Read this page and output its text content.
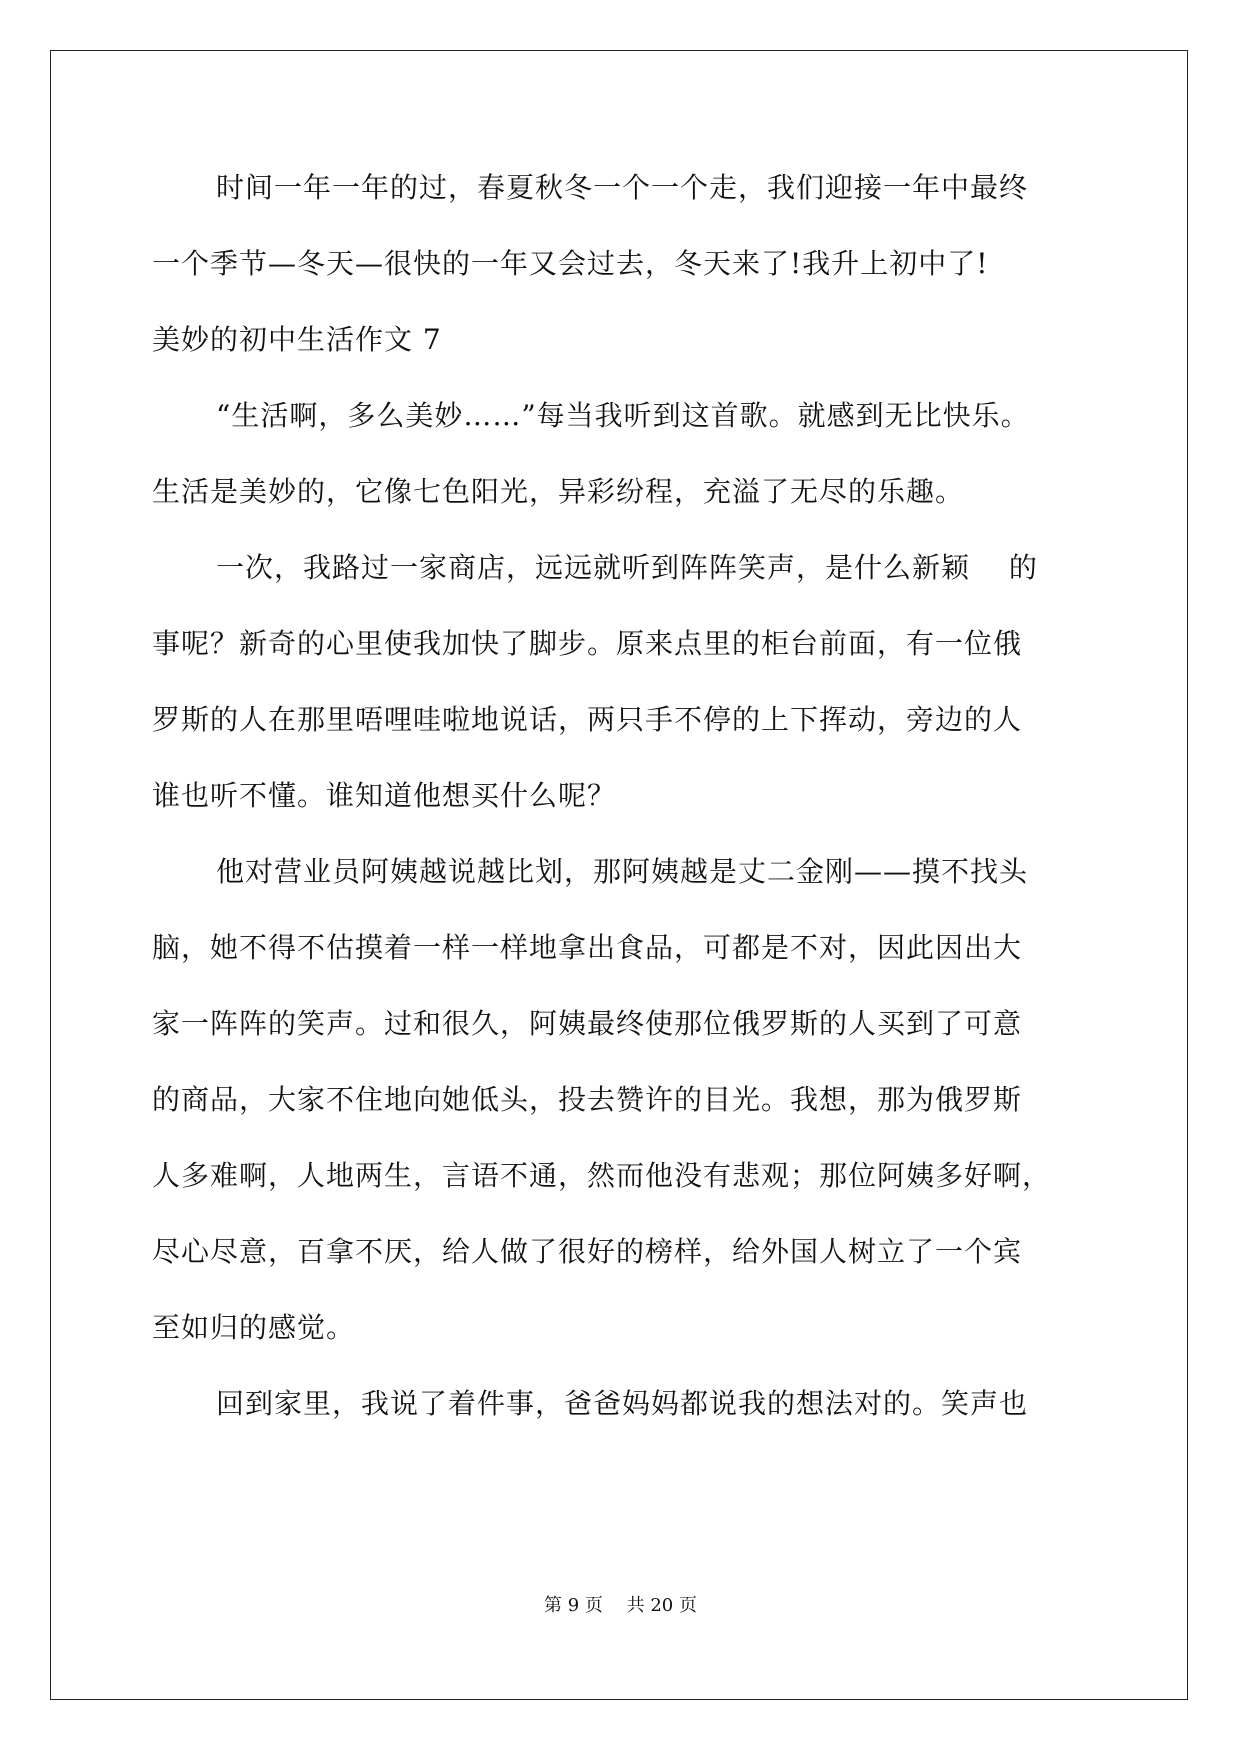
时间一年一年的过，春夏秋冬一个一个走，我们迎接一年中最终
一个季节—冬天—很快的一年又会过去，冬天来了!我升上初中了!
美妙的初中生活作文 7
“生活啊，多么美妙……”每当我听到这首歌。就感到无比快乐。
生活是美妙的，它像七色阳光，异彩纷程，充溢了无尽的乐趣。
一次，我路过一家商店，远远就听到阵阵笑声，是什么新颖　 的
事呢？新奇的心里使我加快了脚步。原来点里的柜台前面，有一位俄
罗斯的人在那里唔哩哇啦地说话，两只手不停的上下挥动，旁边的人
谁也听不懂。谁知道他想买什么呢？
他对营业员阿姨越说越比划，那阿姨越是丈二金刚——摸不找头
脑，她不得不估摸着一样一样地拿出食品，可都是不对，因此因出大
家一阵阵的笑声。过和很久，阿姨最终使那位俄罗斯的人买到了可意
的商品，大家不住地向她低头，投去赞许的目光。我想，那为俄罗斯
人多难啊，人地两生，言语不通，然而他没有悲观；那位阿姨多好啊，
尽心尽意，百拿不厌，给人做了很好的榜样，给外国人树立了一个宾
至如归的感觉。
回到家里，我说了着件事，爸爸妈妈都说我的想法对的。笑声也
第 9 页　 共 20 页
